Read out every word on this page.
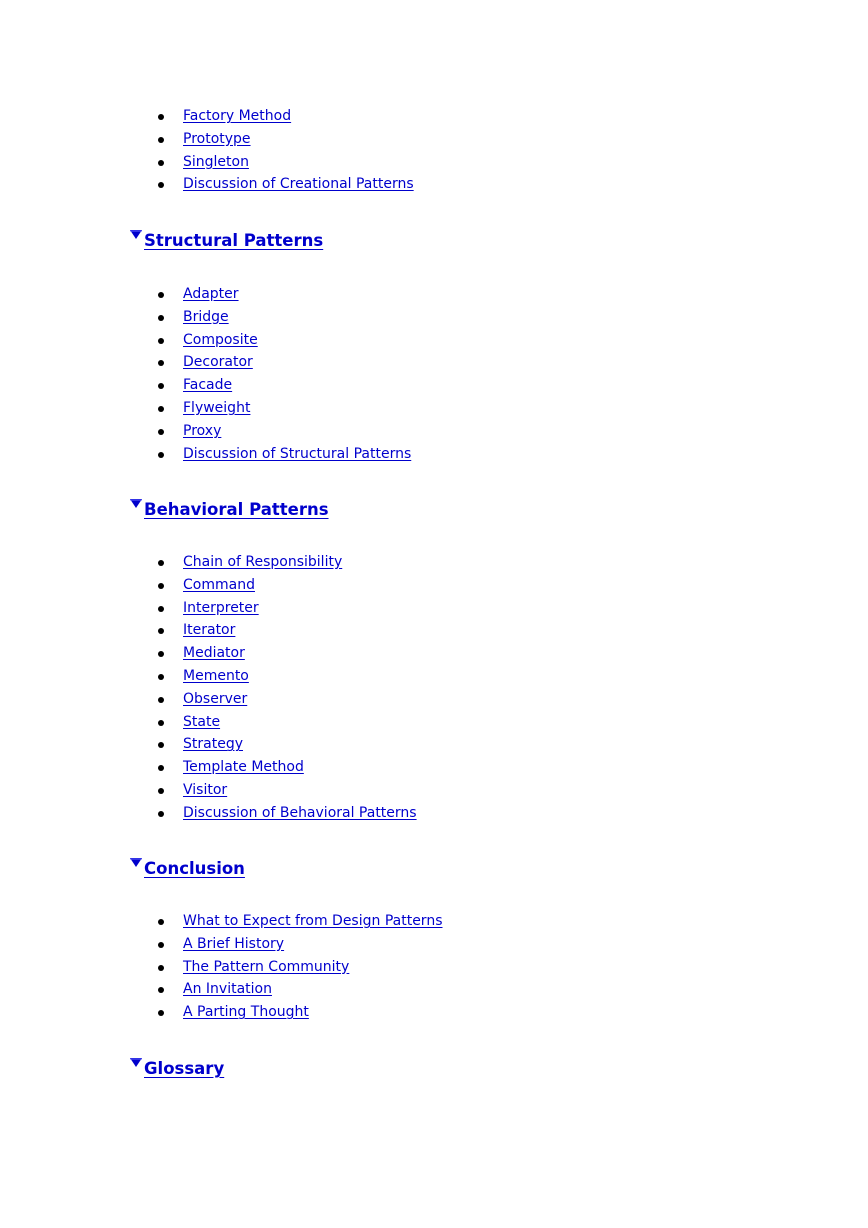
Factory Method
Prototype
Singleton
Discussion of Creational Patterns
Structural Patterns
Adapter
Bridge
Composite
Decorator
Facade
Flyweight
Proxy
Discussion of Structural Patterns
Behavioral Patterns
Chain of Responsibility
Command
Interpreter
Iterator
Mediator
Memento
Observer
State
Strategy
Template Method
Visitor
Discussion of Behavioral Patterns
Conclusion
What to Expect from Design Patterns
A Brief History
The Pattern Community
An Invitation
A Parting Thought
Glossary
